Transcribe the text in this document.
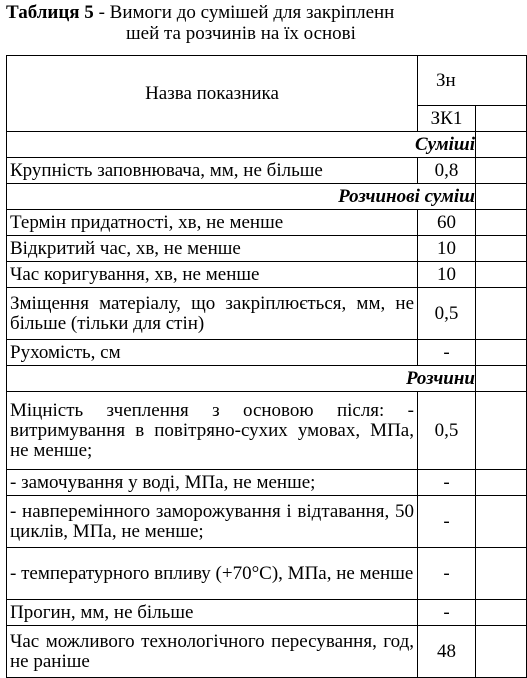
Таблиця 5 - Вимоги до сумішей для закріпленн
шей та розчинів на їх основі
Назва показника	Зн	
	ЗК1	
Суміші		
Крупність заповнювача, мм, не більше	0,8	
Розчинові суміш		
Термін придатності, хв, не менше	60	
Відкритий час, хв, не менше	10	
Час коригування, хв, не менше	10	
Зміщення матеріалу, що закріплюється, мм, не більше (тільки для стін)	0,5	
Рухомість, см	-	
Розчини		
Міцність зчеплення з основою після: - витримування в повітряно-сухих умовах, МПа, не менше;	0,5	
- замочування у воді, МПа, не менше;	-	
- навперемінного заморожування і відтавання, 50 циклів, МПа, не менше;	-	
- температурного впливу (+70°С), МПа, не менше	-	
Прогин, мм, не більше	-	
Час можливого технологічного пересування, год, не раніше	48	
